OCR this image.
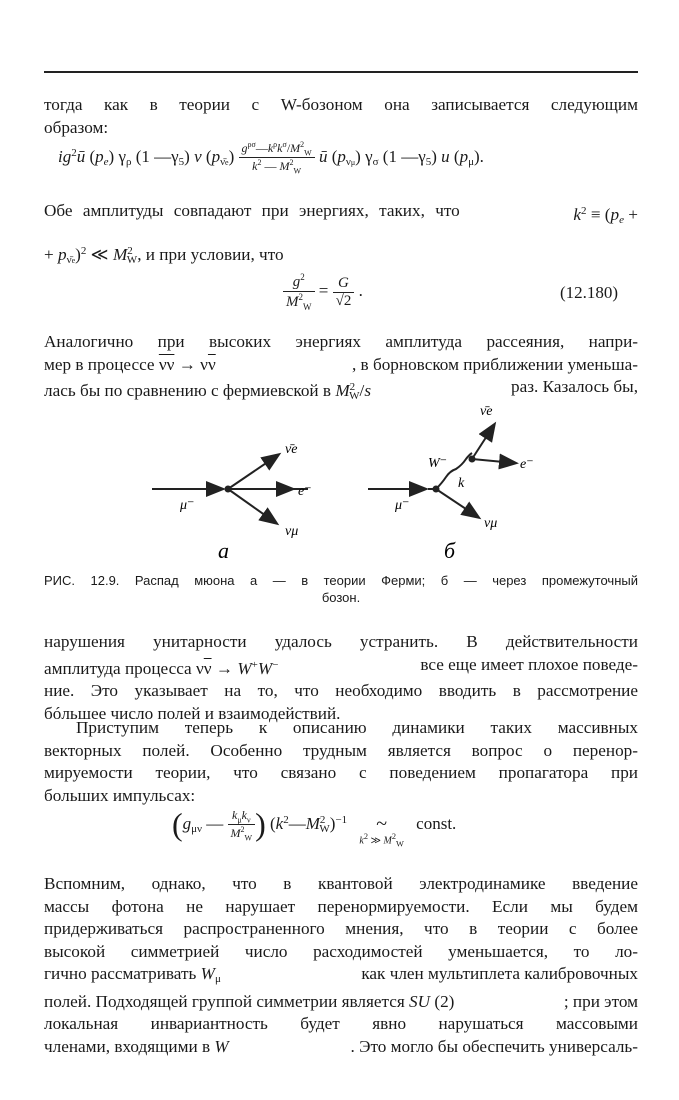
тогда как в теории с W-бозоном она записывается следующим
образом:
$ig^2ū$ $(p_e)$ $\gamma_\rho$ (1 $—\gamma_5$) v $(p_{\nūe}) \frac{g^{\rho\sigma}—k^\rho k^\sigma/M^2_W}{k^2 — M^2_W}$ ū $(p_{\nu\mu})$ $\gamma_\sigma$ (1 $—\gamma_5$) u $(p_\mu)$.
Обе амплитуды совпадают при энергиях, таких, что	$k^2 \equiv (p_e$ +
+ $p_{\nūe})^2$ ≪ $M^2_W$, и при условии, что
$\frac{g^2}{M^2_W} = \frac{G}{√2}$ .	(12.180)
Аналогично при высоких энергиях амплитуда рассеяния, напри-
мер в процессе $\overline{\nu\nu} \to \nu\overline{\nu}$	, в борновском приближении уменьша-
лась бы по сравнению с фермиевской в $M^2_W/s$	раз. Казалось бы,
μ⁻
e⁻
ν̄e
νμ
а
μ⁻
W⁻
k
e⁻
ν̄e
νμ
б
РИС. 12.9. Распад мюона а — в теории Ферми; б — через промежуточный
бозон.
нарушения унитарности удалось устранить. В действительности
амплитуда процесса $\nu\overline{\nu} \to W^+W^-$	все еще имеет плохое поведе-
ние. Это указывает на то, что необходимо вводить в рассмотрение
бóльшее число полей и взаимодействий.
Приступим теперь к описанию динамики таких массивных
векторных полей. Особенно трудным является вопрос о перенор-
мируемости теории, что связано с поведением пропагатора при
больших импульсах:
($g_{\mu\nu}$ — $\frac{k_\mu k_\nu}{M^2_W}$ ) $(k^2—M^2_W)^{-1}$	~
$k^2$ ≫ $M^2_W$
const.
Вспомним, однако, что в квантовой электродинамике введение
массы фотона не нарушает перенормируемости. Если мы будем
придерживаться распространенного мнения, что в теории с более
высокой симметрией число расходимостей уменьшается, то ло-
гично рассматривать $W_\mu$	как член мультиплета калибровочных
полей. Подходящей группой симметрии является SU (2)	; при этом
локальная инвариантность будет явно нарушаться массовыми
членами, входящими в W	. Это могло бы обеспечить универсаль-
